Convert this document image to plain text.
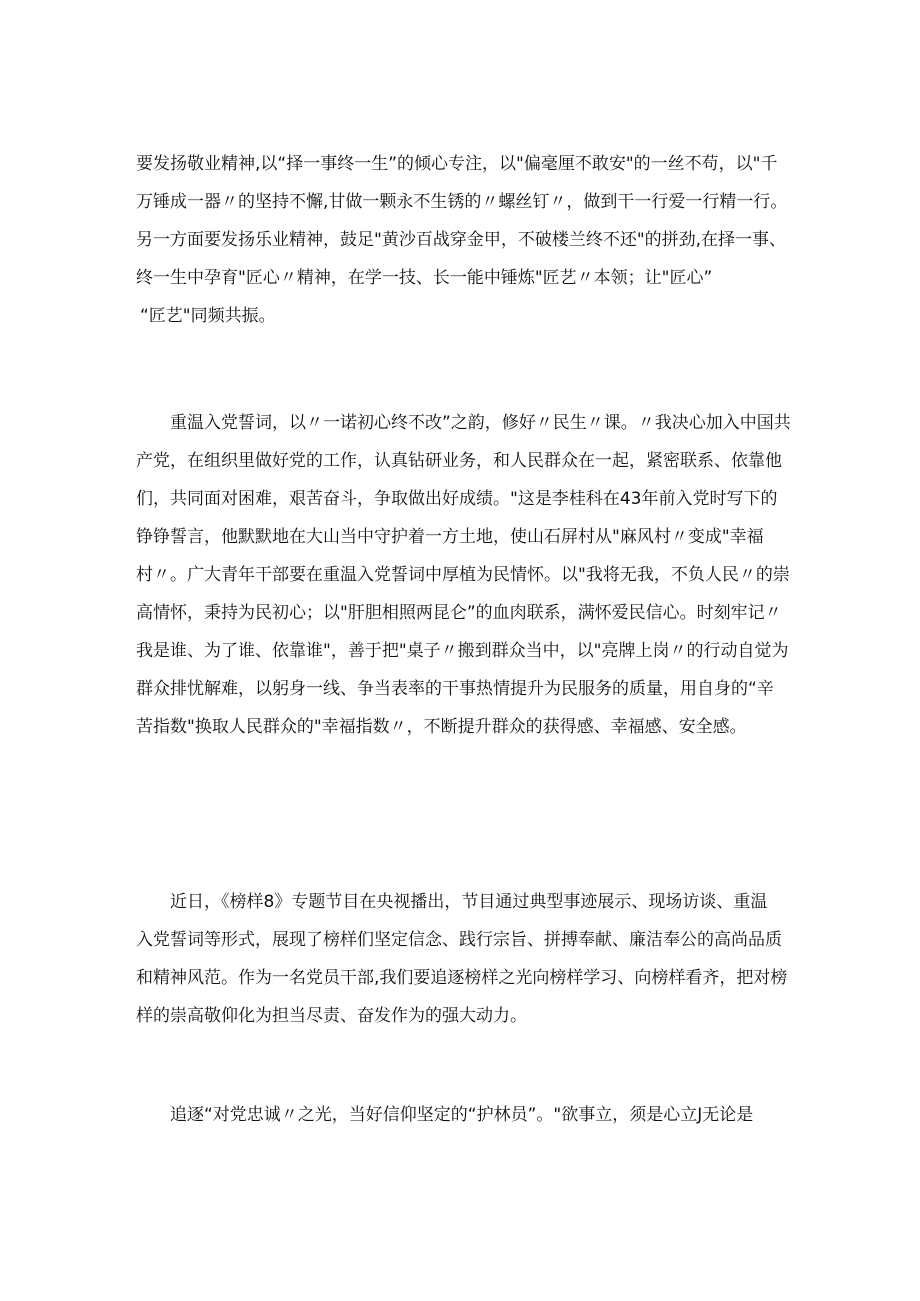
要发扬敬业精神,以“择一事终一生”的倾心专注，以"偏毫厘不敢安"的一丝不苟，以"千
万锤成一器〃的坚持不懈,甘做一颗永不生锈的〃螺丝钉〃，做到干一行爱一行精一行。
另一方面要发扬乐业精神，鼓足"黄沙百战穿金甲，不破楼兰终不还"的拼劲,在择一事、
终一生中孕育"匠心〃精神，在学一技、长一能中锤炼"匠艺〃本领；让"匠心”
“匠艺"同频共振。
重温入党誓词，以〃一诺初心终不改”之韵，修好〃民生〃课。〃我决心加入中国共
产党，在组织里做好党的工作，认真钻研业务，和人民群众在一起，紧密联系、依靠他
们，共同面对困难，艰苦奋斗，争取做出好成绩。"这是李桂科在43年前入党时写下的
铮铮誓言，他默默地在大山当中守护着一方土地，使山石屏村从"麻风村〃变成"幸福
村〃。广大青年干部要在重温入党誓词中厚植为民情怀。以"我将无我，不负人民〃的崇
高情怀，秉持为民初心；以"肝胆相照两昆仑”的血肉联系，满怀爱民信心。时刻牢记〃
我是谁、为了谁、依靠谁"，善于把"桌子〃搬到群众当中，以"亮牌上岗〃的行动自觉为
群众排忧解难，以躬身一线、争当表率的干事热情提升为民服务的质量，用自身的“辛
苦指数"换取人民群众的"幸福指数〃，不断提升群众的获得感、幸福感、安全感。
近日，《榜样8》专题节目在央视播出，节目通过典型事迹展示、现场访谈、重温
入党誓词等形式，展现了榜样们坚定信念、践行宗旨、拼搏奉献、廉洁奉公的高尚品质
和精神风范。作为一名党员干部,我们要追逐榜样之光向榜样学习、向榜样看齐，把对榜
样的崇高敬仰化为担当尽责、奋发作为的强大动力。
追逐“对党忠诚〃之光，当好信仰坚定的“护林员”。"欲事立，须是心立J无论是
